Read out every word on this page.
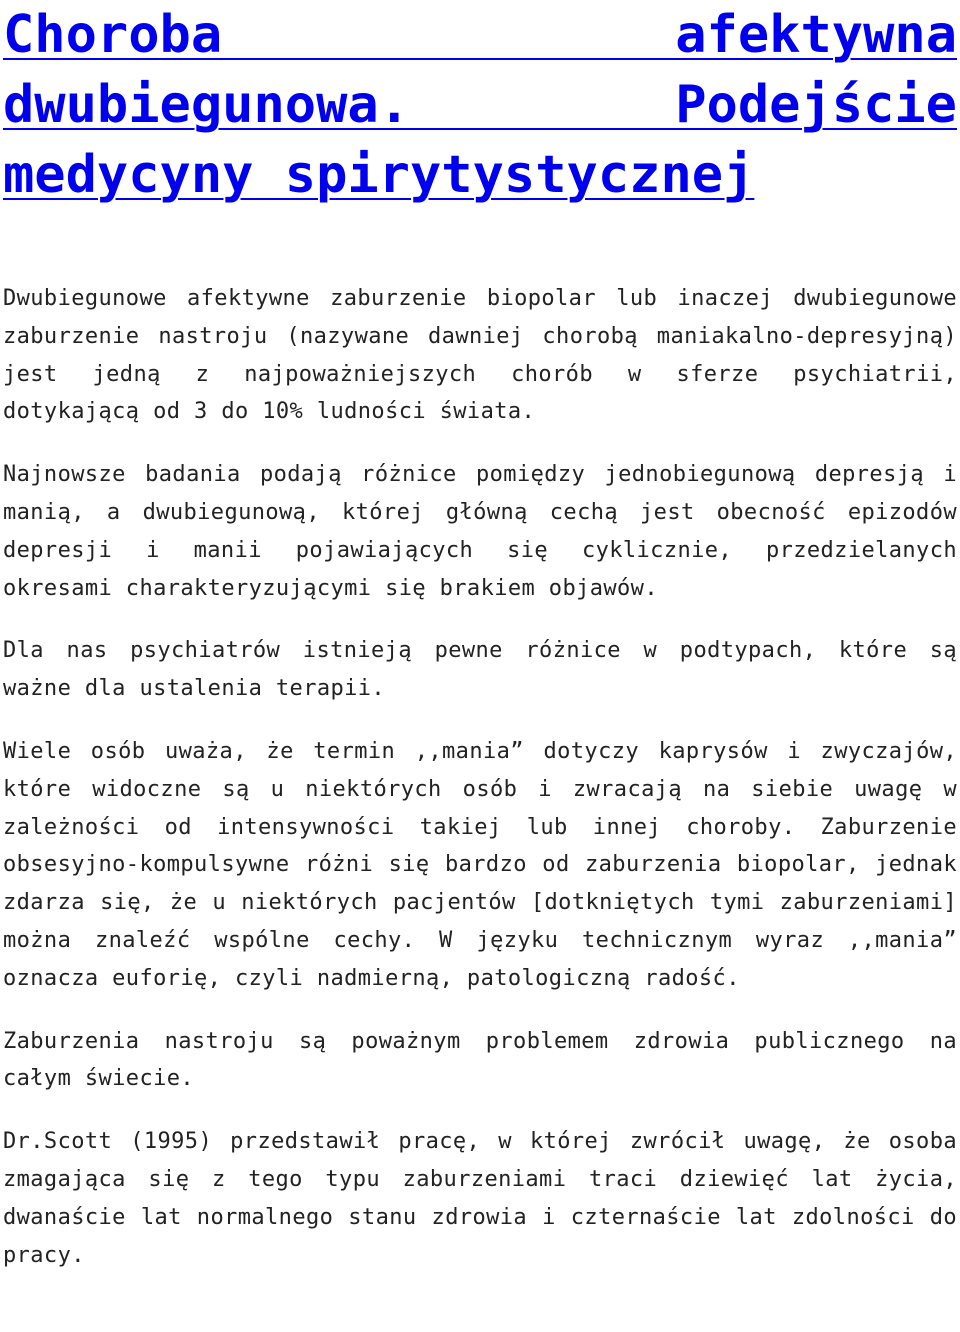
Choroba afektywna dwubiegunowa. Podejście medycyny spirytystycznej

Dwubiegunowe afektywne zaburzenie biopolar lub inaczej dwubiegunowe zaburzenie nastroju (nazywane dawniej chorobą maniakalno-depresyjną) jest jedną z najpoważniejszych chorób w sferze psychiatrii, dotykającą od 3 do 10% ludności świata.

Najnowsze badania podają różnice pomiędzy jednobiegunową depresją i manią, a dwubiegunową, której główną cechą jest obecność epizodów depresji i manii pojawiających się cyklicznie, przedzielanych okresami charakteryzującymi się brakiem objawów.

Dla nas psychiatrów istnieją pewne różnice w podtypach, które są ważne dla ustalenia terapii.

Wiele osób uważa, że termin ,,mania” dotyczy kaprysów i zwyczajów, które widoczne są u niektórych osób i zwracają na siebie uwagę w zależności od intensywności takiej lub innej choroby. Zaburzenie obsesyjno-kompulsywne różni się bardzo od zaburzenia biopolar, jednak zdarza się, że u niektórych pacjentów [dotkniętych tymi zaburzeniami] można znaleźć wspólne cechy. W języku technicznym wyraz ,,mania” oznacza euforię, czyli nadmierną, patologiczną radość.

Zaburzenia nastroju są poważnym problemem zdrowia publicznego na całym świecie.

Dr.Scott (1995) przedstawił pracę, w której zwrócił uwagę, że osoba zmagająca się z tego typu zaburzeniami traci dziewięć lat życia, dwanaście lat normalnego stanu zdrowia i czternaście lat zdolności do pracy.
